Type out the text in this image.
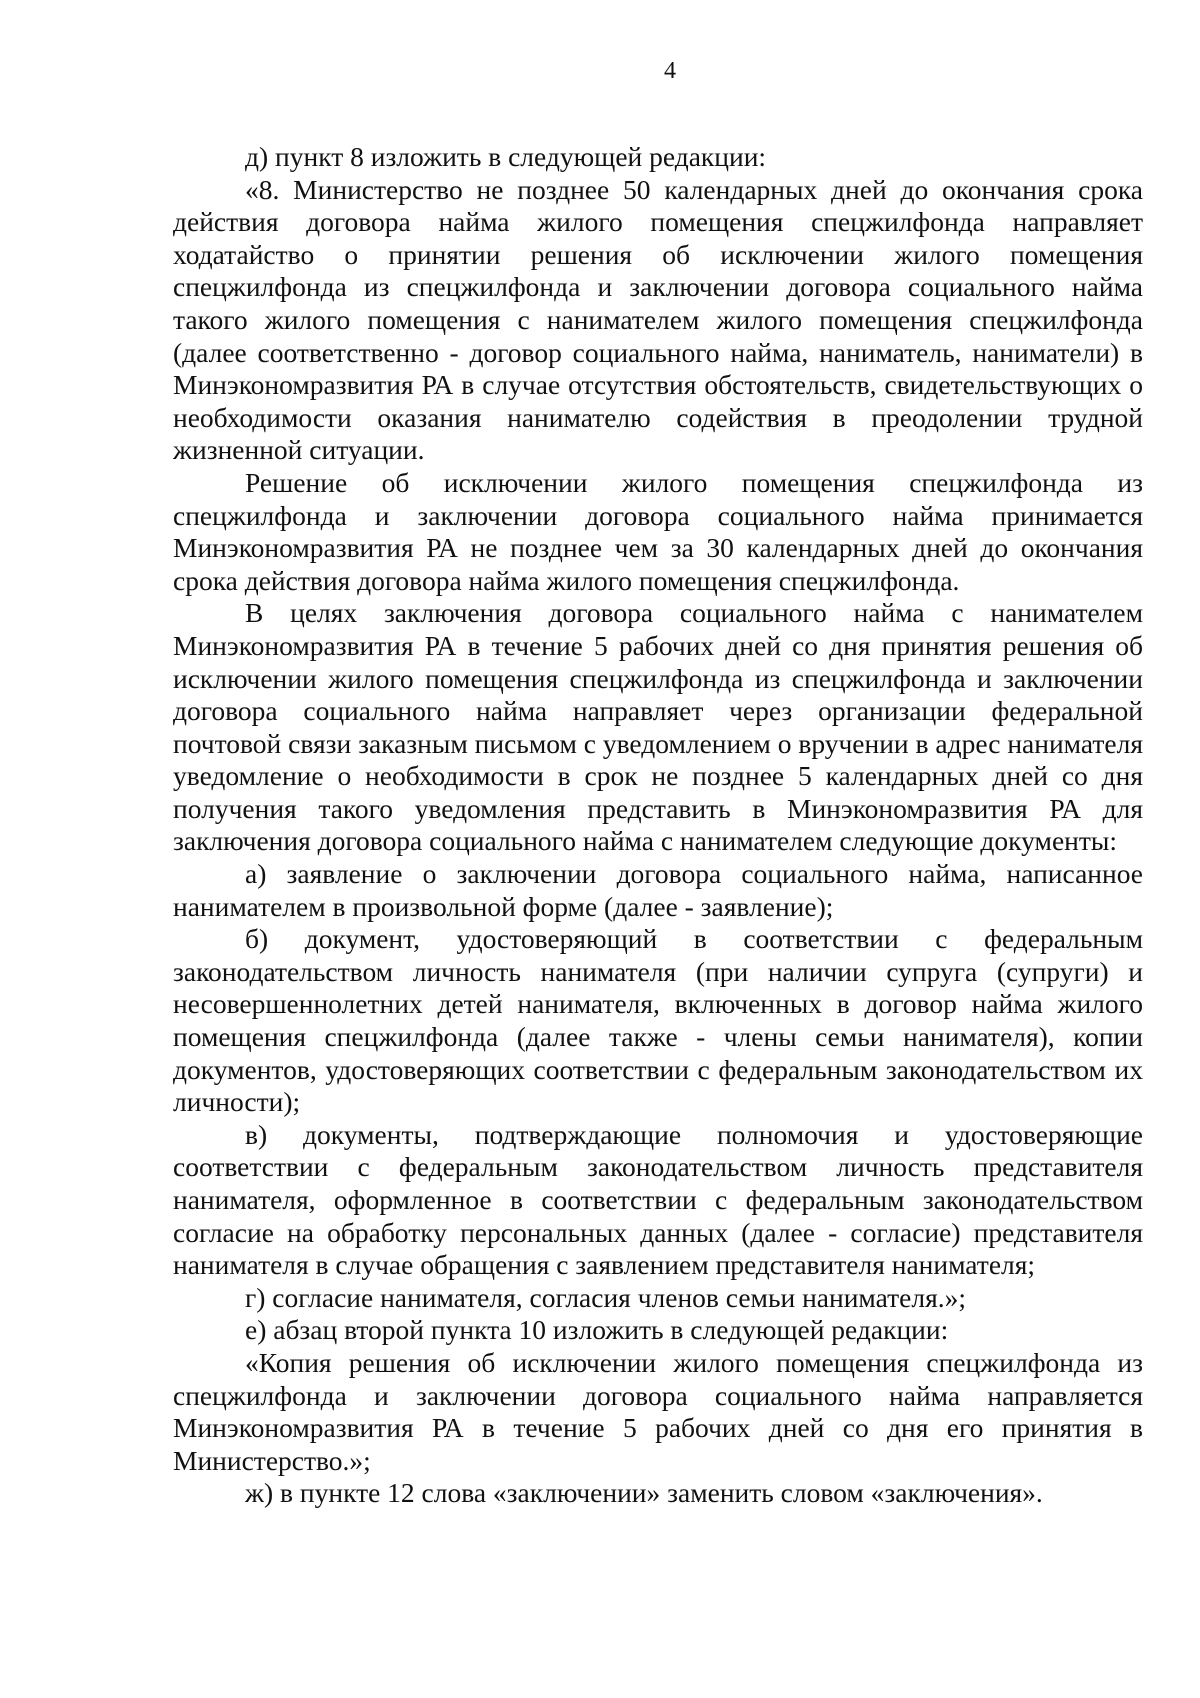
4

д) пункт 8 изложить в следующей редакции:

«8. Министерство не позднее 50 календарных дней до окончания срока действия договора найма жилого помещения спецжилфонда направляет ходатайство о принятии решения об исключении жилого помещения спецжилфонда из спецжилфонда и заключении договора социального найма такого жилого помещения с нанимателем жилого помещения спецжилфонда (далее соответственно - договор социального найма, наниматель, наниматели) в Минэкономразвития РА в случае отсутствия обстоятельств, свидетельствующих о необходимости оказания нанимателю содействия в преодолении трудной жизненной ситуации.

Решение об исключении жилого помещения спецжилфонда из спецжилфонда и заключении договора социального найма принимается Минэкономразвития РА не позднее чем за 30 календарных дней до окончания срока действия договора найма жилого помещения спецжилфонда.

В целях заключения договора социального найма с нанимателем Минэкономразвития РА в течение 5 рабочих дней со дня принятия решения об исключении жилого помещения спецжилфонда из спецжилфонда и заключении договора социального найма направляет через организации федеральной почтовой связи заказным письмом с уведомлением о вручении в адрес нанимателя уведомление о необходимости в срок не позднее 5 календарных дней со дня получения такого уведомления представить в Минэкономразвития РА для заключения договора социального найма с нанимателем следующие документы:

а) заявление о заключении договора социального найма, написанное нанимателем в произвольной форме (далее - заявление);

б) документ, удостоверяющий в соответствии с федеральным законодательством личность нанимателя (при наличии супруга (супруги) и несовершеннолетних детей нанимателя, включенных в договор найма жилого помещения спецжилфонда (далее также - члены семьи нанимателя), копии документов, удостоверяющих соответствии с федеральным законодательством их личности);

в) документы, подтверждающие полномочия и удостоверяющие соответствии с федеральным законодательством личность представителя нанимателя, оформленное в соответствии с федеральным законодательством согласие на обработку персональных данных (далее - согласие) представителя нанимателя в случае обращения с заявлением представителя нанимателя;

г) согласие нанимателя, согласия членов семьи нанимателя.»;

е) абзац второй пункта 10 изложить в следующей редакции:

«Копия решения об исключении жилого помещения спецжилфонда из спецжилфонда и заключении договора социального найма направляется Минэкономразвития РА в течение 5 рабочих дней со дня его принятия в Министерство.»;

ж) в пункте 12 слова «заключении» заменить словом «заключения».
